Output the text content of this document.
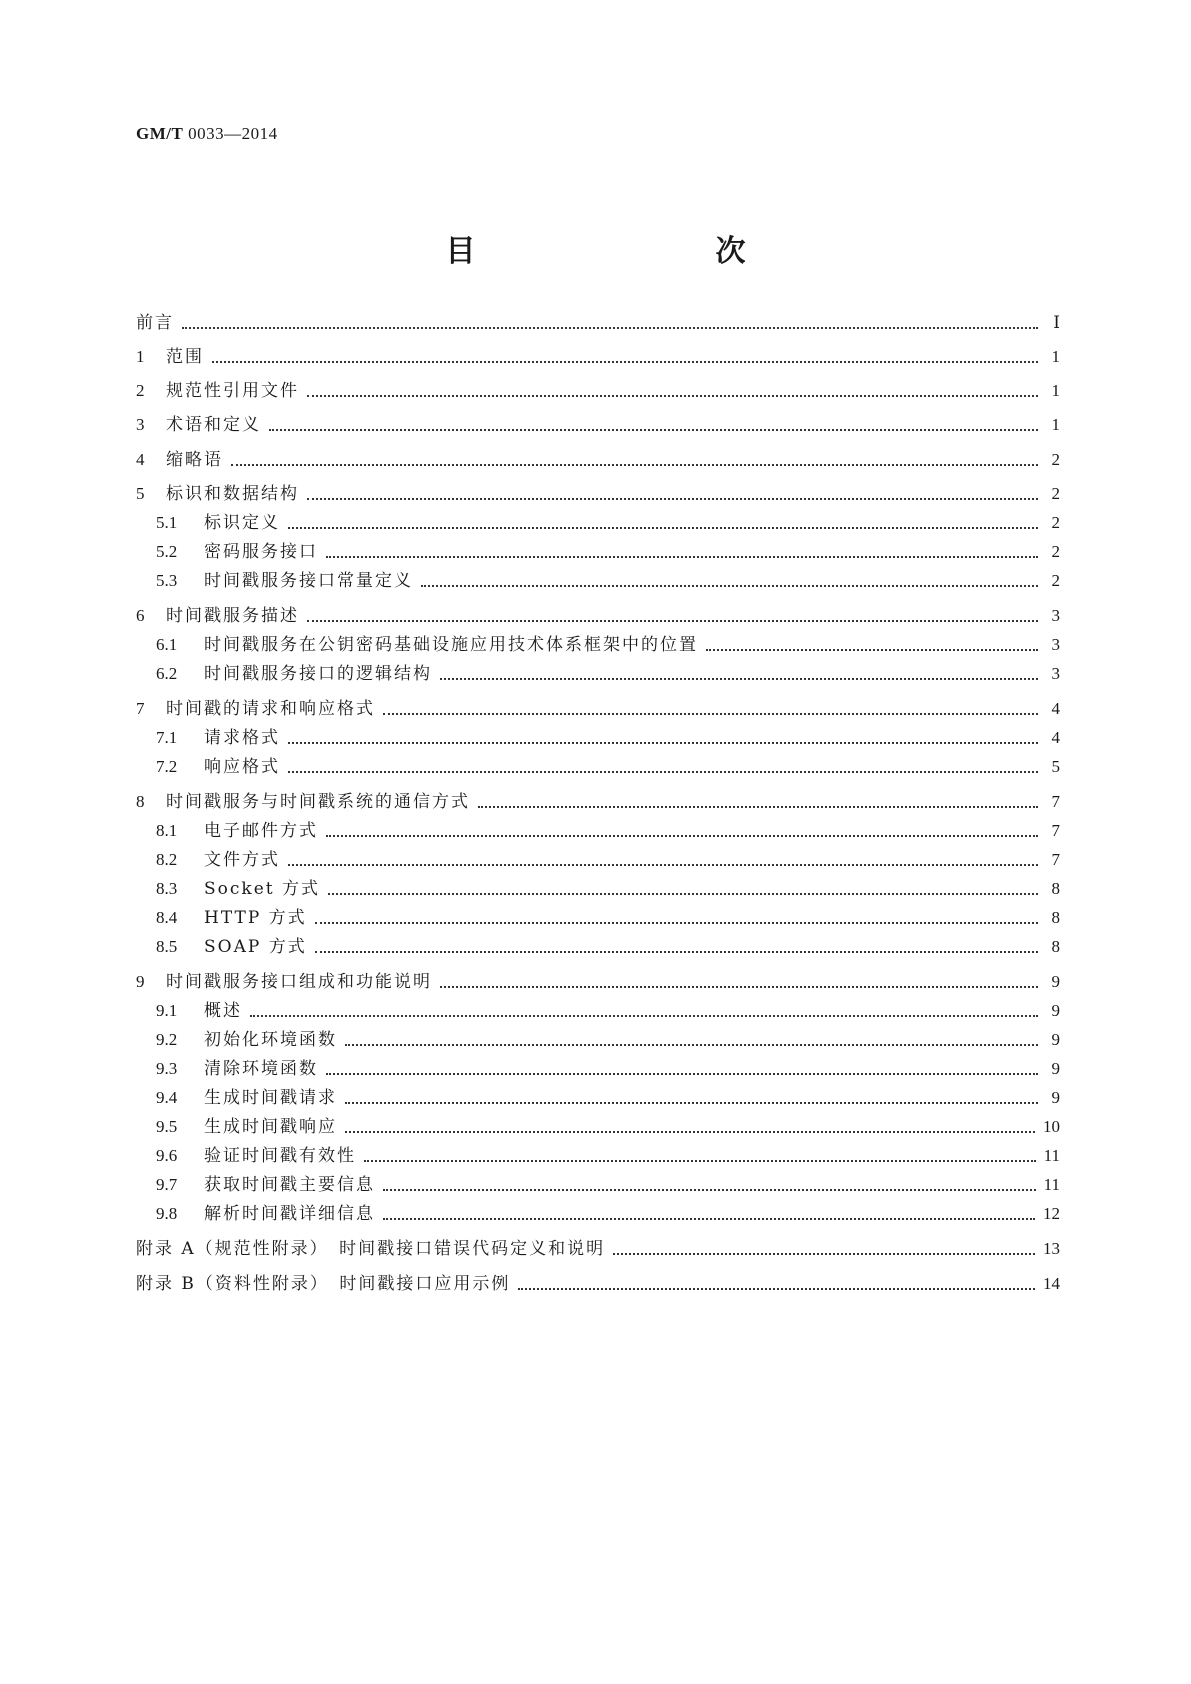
GM/T 0033—2014
目　　次
前言	Ⅰ
1	范围	1
2	规范性引用文件	1
3	术语和定义	1
4	缩略语	2
5	标识和数据结构	2
5.1	标识定义	2
5.2	密码服务接口	2
5.3	时间戳服务接口常量定义	2
6	时间戳服务描述	3
6.1	时间戳服务在公钥密码基础设施应用技术体系框架中的位置	3
6.2	时间戳服务接口的逻辑结构	3
7	时间戳的请求和响应格式	4
7.1	请求格式	4
7.2	响应格式	5
8	时间戳服务与时间戳系统的通信方式	7
8.1	电子邮件方式	7
8.2	文件方式	7
8.3	Socket 方式	8
8.4	HTTP 方式	8
8.5	SOAP 方式	8
9	时间戳服务接口组成和功能说明	9
9.1	概述	9
9.2	初始化环境函数	9
9.3	清除环境函数	9
9.4	生成时间戳请求	9
9.5	生成时间戳响应	10
9.6	验证时间戳有效性	11
9.7	获取时间戳主要信息	11
9.8	解析时间戳详细信息	12
附录 A（规范性附录）　时间戳接口错误代码定义和说明	13
附录 B（资料性附录）　时间戳接口应用示例	14
